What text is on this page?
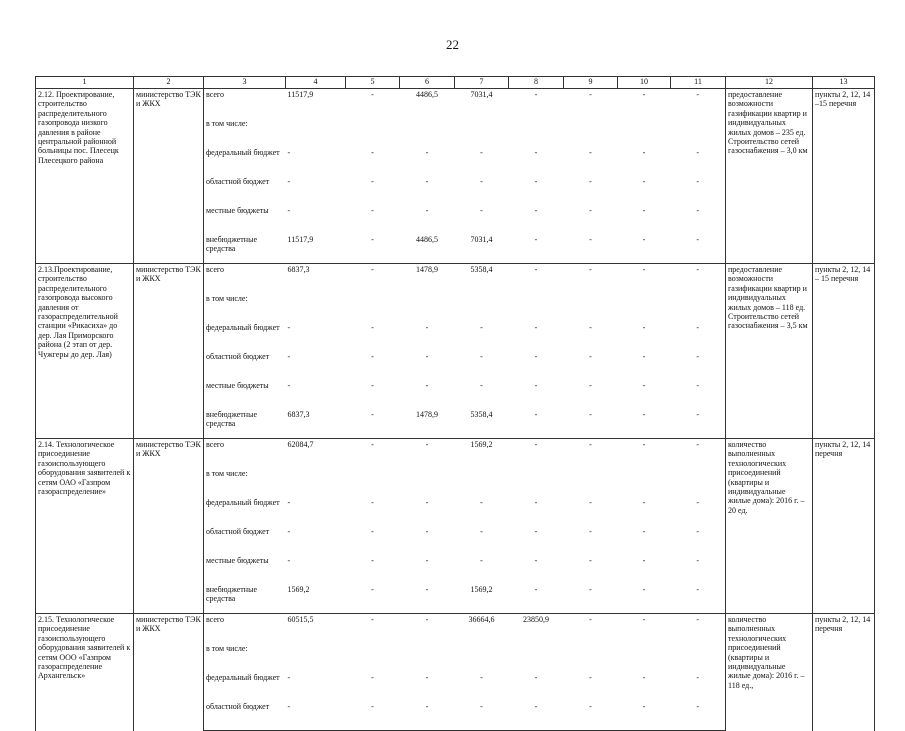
22
1	2	3	4	5	6	7	8	9	10	11	12	13
2.12. Проектирование, строительство распределительного газопровода низкого давления в районе центральной районной больницы пос. Плесецк Плесецкого района	министерство ТЭК и ЖКХ	всего	11517,9	-	4486,5	7031,4	-	-	-	-	предоставление возможности газификации квартир и индивидуальных жилых домов – 235 ед. Строительство сетей газоснабжения – 3,0 км	пункты 2, 12, 14 –15 перечня
		в том числе:										
		федеральный бюджет	-	-	-	-	-	-	-	-		
		областной бюджет	-	-	-	-	-	-	-	-		
		местные бюджеты	-	-	-	-	-	-	-	-		
		внебюджетные средства	11517,9	-	4486,5	7031,4	-	-	-	-		
2.13.Проектирование, строительство распределительного газопровода высокого давления от газораспределительной станции «Рикасиха» до дер. Лая Приморского района (2 этап от дер. Чужгеры до дер. Лая)	министерство ТЭК и ЖКХ	всего	6837,3	-	1478,9	5358,4	-	-	-	-	предоставление возможности газификации квартир и индивидуальных жилых домов – 118 ед. Строительство сетей газоснабжения – 3,5 км	пункты 2, 12, 14 – 15 перечня
		в том числе:										
		федеральный бюджет	-	-	-	-	-	-	-	-		
		областной бюджет	-	-	-	-	-	-	-	-		
		местные бюджеты	-	-	-	-	-	-	-	-		
		внебюджетные средства	6837,3	-	1478,9	5358,4	-	-	-	-		
2.14. Технологическое присоединение газоиспользующего оборудования заявителей к сетям ОАО «Газпром газораспределение»	министерство ТЭК и ЖКХ	всего	62084,7	-	-	1569,2	-	-	-	-	количество выполненных технологических присоединений (квартиры и индивидуальные жилые дома): 2016 г. – 20 ед.	пункты 2, 12, 14 перечня
		в том числе:										
		федеральный бюджет	-	-	-	-	-	-	-	-		
		областной бюджет	-	-	-	-	-	-	-	-		
		местные бюджеты	-	-	-	-	-	-	-	-		
		внебюджетные средства	1569,2	-	-	1569,2	-	-	-	-		
2.15. Технологическое присоединение газоиспользующего оборудования заявителей к сетям ООО «Газпром газораспределение Архангельск»	министерство ТЭК и ЖКХ	всего	60515,5	-	-	36664,6	23850,9	-	-	-	количество выполненных технологических присоединений (квартиры и индивидуальные жилые дома): 2016 г. – 118 ед.,	пункты 2, 12, 14 перечня
		в том числе:										
		федеральный бюджет	-	-	-	-	-	-	-	-		
		областной бюджет	-	-	-	-	-	-	-	-		
